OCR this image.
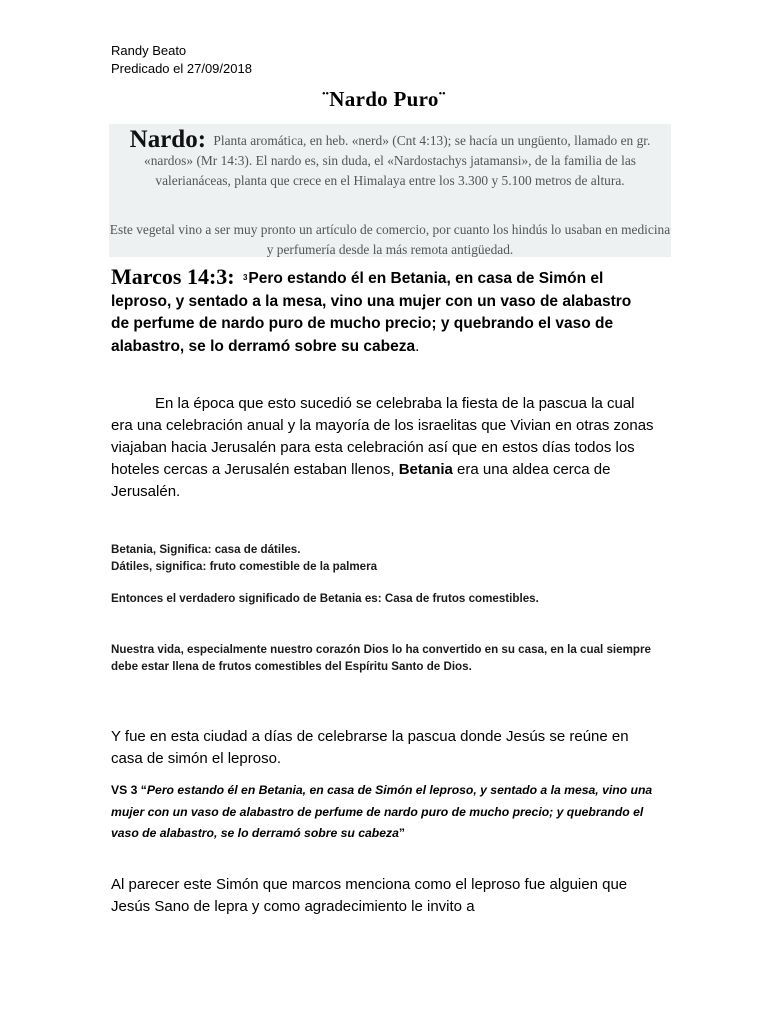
Randy Beato
Predicado el 27/09/2018
¨Nardo Puro¨
Nardo: Planta aromática, en heb. «nerd» (Cnt 4:13); se hacía un ungüento, llamado en gr. «nardos» (Mr 14:3). El nardo es, sin duda, el «Nardostachys jatamansi», de la familia de las valerianáceas, planta que crece en el Himalaya entre los 3.300 y 5.100 metros de altura.
Este vegetal vino a ser muy pronto un artículo de comercio, por cuanto los hindús lo usaban en medicina y perfumería desde la más remota antigüedad.
Marcos 14:3: 3Pero estando él en Betania, en casa de Simón el leproso, y sentado a la mesa, vino una mujer con un vaso de alabastro de perfume de nardo puro de mucho precio; y quebrando el vaso de alabastro, se lo derramó sobre su cabeza.
En la época que esto sucedió se celebraba la fiesta de la pascua la cual era una celebración anual y la mayoría de los israelitas que Vivian en otras zonas viajaban hacia Jerusalén para esta celebración así que en estos días todos los hoteles cercas a Jerusalén estaban llenos, Betania era una aldea cerca de Jerusalén.
Betania, Significa: casa de dátiles.
Dátiles, significa: fruto comestible de la palmera
Entonces el verdadero significado de Betania es: Casa de frutos comestibles.
Nuestra vida, especialmente nuestro corazón Dios lo ha convertido en su casa, en la cual siempre debe estar llena de frutos comestibles del Espíritu Santo de Dios.
Y fue en esta ciudad a días de celebrarse la pascua donde Jesús se reúne en casa de simón el leproso.
VS 3 “Pero estando él en Betania, en casa de Simón el leproso, y sentado a la mesa, vino una mujer con un vaso de alabastro de perfume de nardo puro de mucho precio; y quebrando el vaso de alabastro, se lo derramó sobre su cabeza”
Al parecer este Simón que marcos menciona como el leproso fue alguien que Jesús Sano de lepra y como agradecimiento le invito a
